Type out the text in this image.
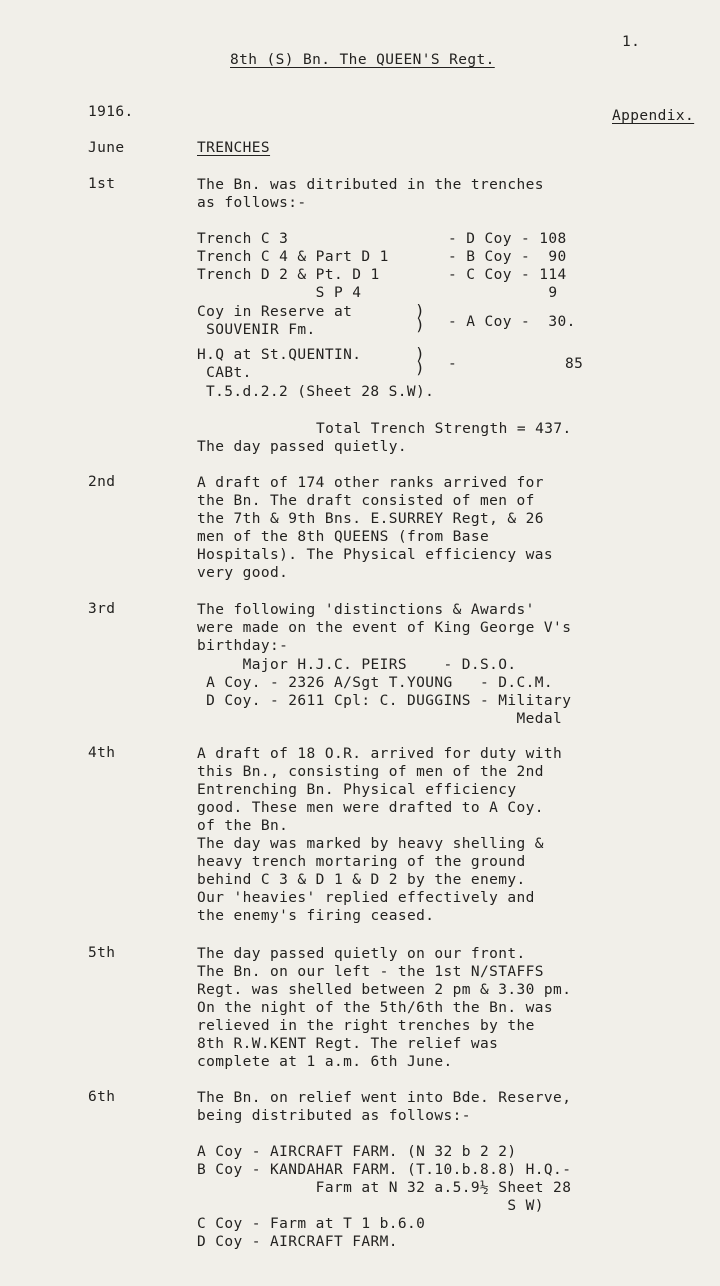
1.
8th (S) Bn. The QUEEN'S Regt.
1916.	Appendix.
June	TRENCHES
1st	The Bn. was ditributed in the trenches
as follows:-
Trench C 3	- D Coy - 108
Trench C 4 & Part D 1	- B Coy -  90
Trench D 2 & Pt. D 1	- C Coy - 114
S P 4	9
Coy in Reserve at
SOUVENIR Fm.
)
) - A Coy -  30.
H.Q at St.QUENTIN.
CABt.
)
) -	85
T.5.d.2.2 (Sheet 28 S.W).
Total Trench Strength = 437.
The day passed quietly.
2nd	A draft of 174 other ranks arrived for
the Bn. The draft consisted of men of
the 7th & 9th Bns. E.SURREY Regt, & 26
men of the 8th QUEENS (from Base
Hospitals). The Physical efficiency was
very good.
3rd	The following 'distinctions & Awards'
were made on the event of King George V's
birthday:-
Major H.J.C. PEIRS    - D.S.O.
A Coy. - 2326 A/Sgt T.YOUNG   - D.C.M.
D Coy. - 2611 Cpl: C. DUGGINS - Military
Medal
4th	A draft of 18 O.R. arrived for duty with
this Bn., consisting of men of the 2nd
Entrenching Bn. Physical efficiency
good. These men were drafted to A Coy.
of the Bn.
The day was marked by heavy shelling &
heavy trench mortaring of the ground
behind C 3 & D 1 & D 2 by the enemy.
Our 'heavies' replied effectively and
the enemy's firing ceased.
5th	The day passed quietly on our front.
The Bn. on our left - the 1st N/STAFFS
Regt. was shelled between 2 pm & 3.30 pm.
On the night of the 5th/6th the Bn. was
relieved in the right trenches by the
8th R.W.KENT Regt. The relief was
complete at 1 a.m. 6th June.
6th	The Bn. on relief went into Bde. Reserve,
being distributed as follows:-
A Coy - AIRCRAFT FARM. (N 32 b 2 2)
B Coy - KANDAHAR FARM. (T.10.b.8.8) H.Q.-
Farm at N 32 a.5.9½ Sheet 28
S W)
C Coy - Farm at T 1 b.6.0
D Coy - AIRCRAFT FARM.
